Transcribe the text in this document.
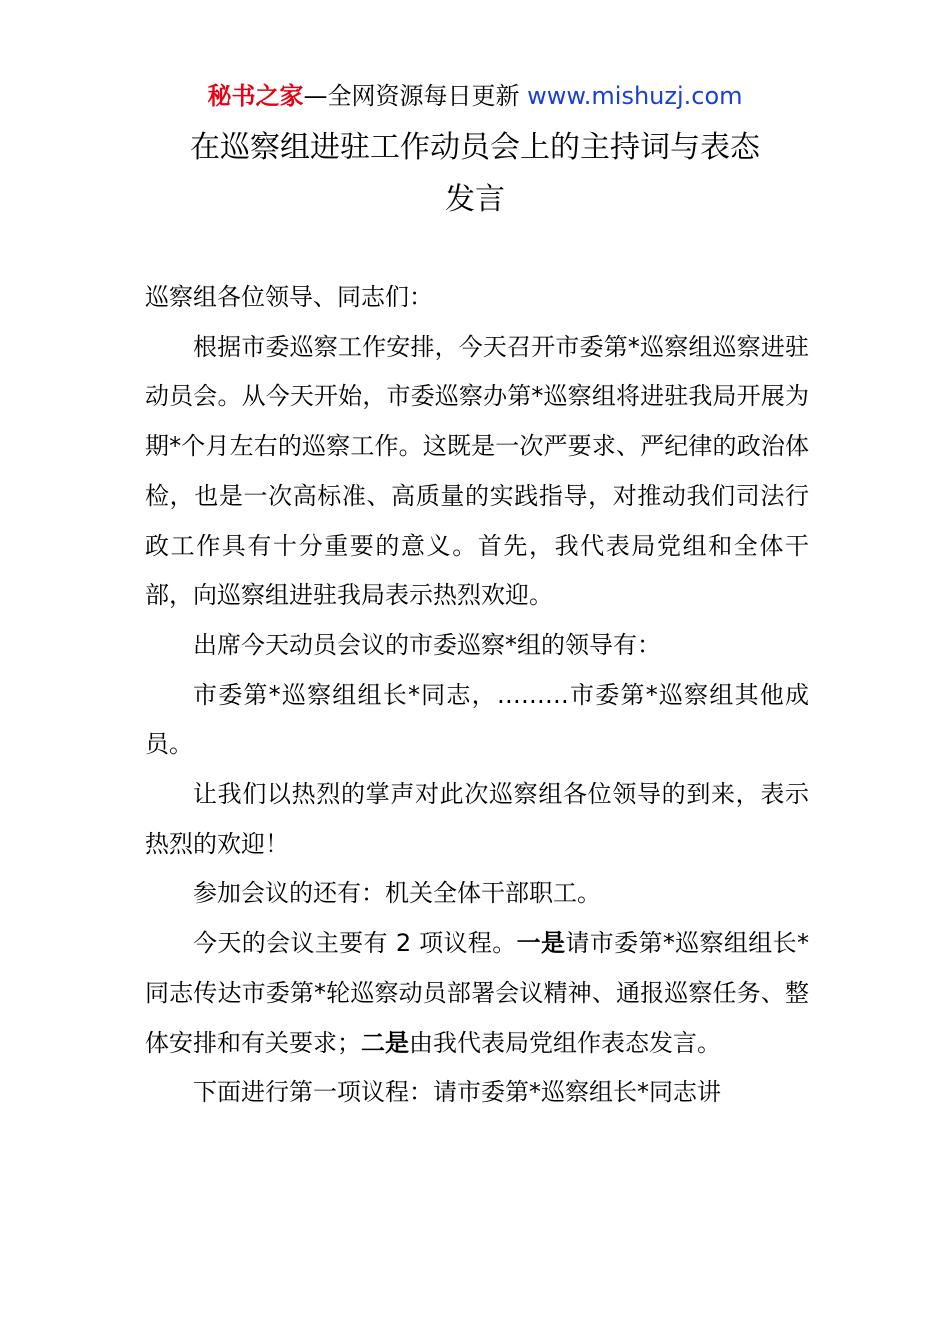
秘书之家—全网资源每日更新 www.mishuzj.com
在巡察组进驻工作动员会上的主持词与表态
发言

巡察组各位领导、同志们：

根据市委巡察工作安排，今天召开市委第*巡察组巡察进驻动员会。从今天开始，市委巡察办第*巡察组将进驻我局开展为期*个月左右的巡察工作。这既是一次严要求、严纪律的政治体检，也是一次高标准、高质量的实践指导，对推动我们司法行政工作具有十分重要的意义。首先，我代表局党组和全体干部，向巡察组进驻我局表示热烈欢迎。

出席今天动员会议的市委巡察*组的领导有：

市委第*巡察组组长*同志，………市委第*巡察组其他成员。

让我们以热烈的掌声对此次巡察组各位领导的到来，表示热烈的欢迎！

参加会议的还有：机关全体干部职工。

今天的会议主要有 2 项议程。一是请市委第*巡察组组长*同志传达市委第*轮巡察动员部署会议精神、通报巡察任务、整体安排和有关要求；二是由我代表局党组作表态发言。

下面进行第一项议程：请市委第*巡察组长*同志讲
